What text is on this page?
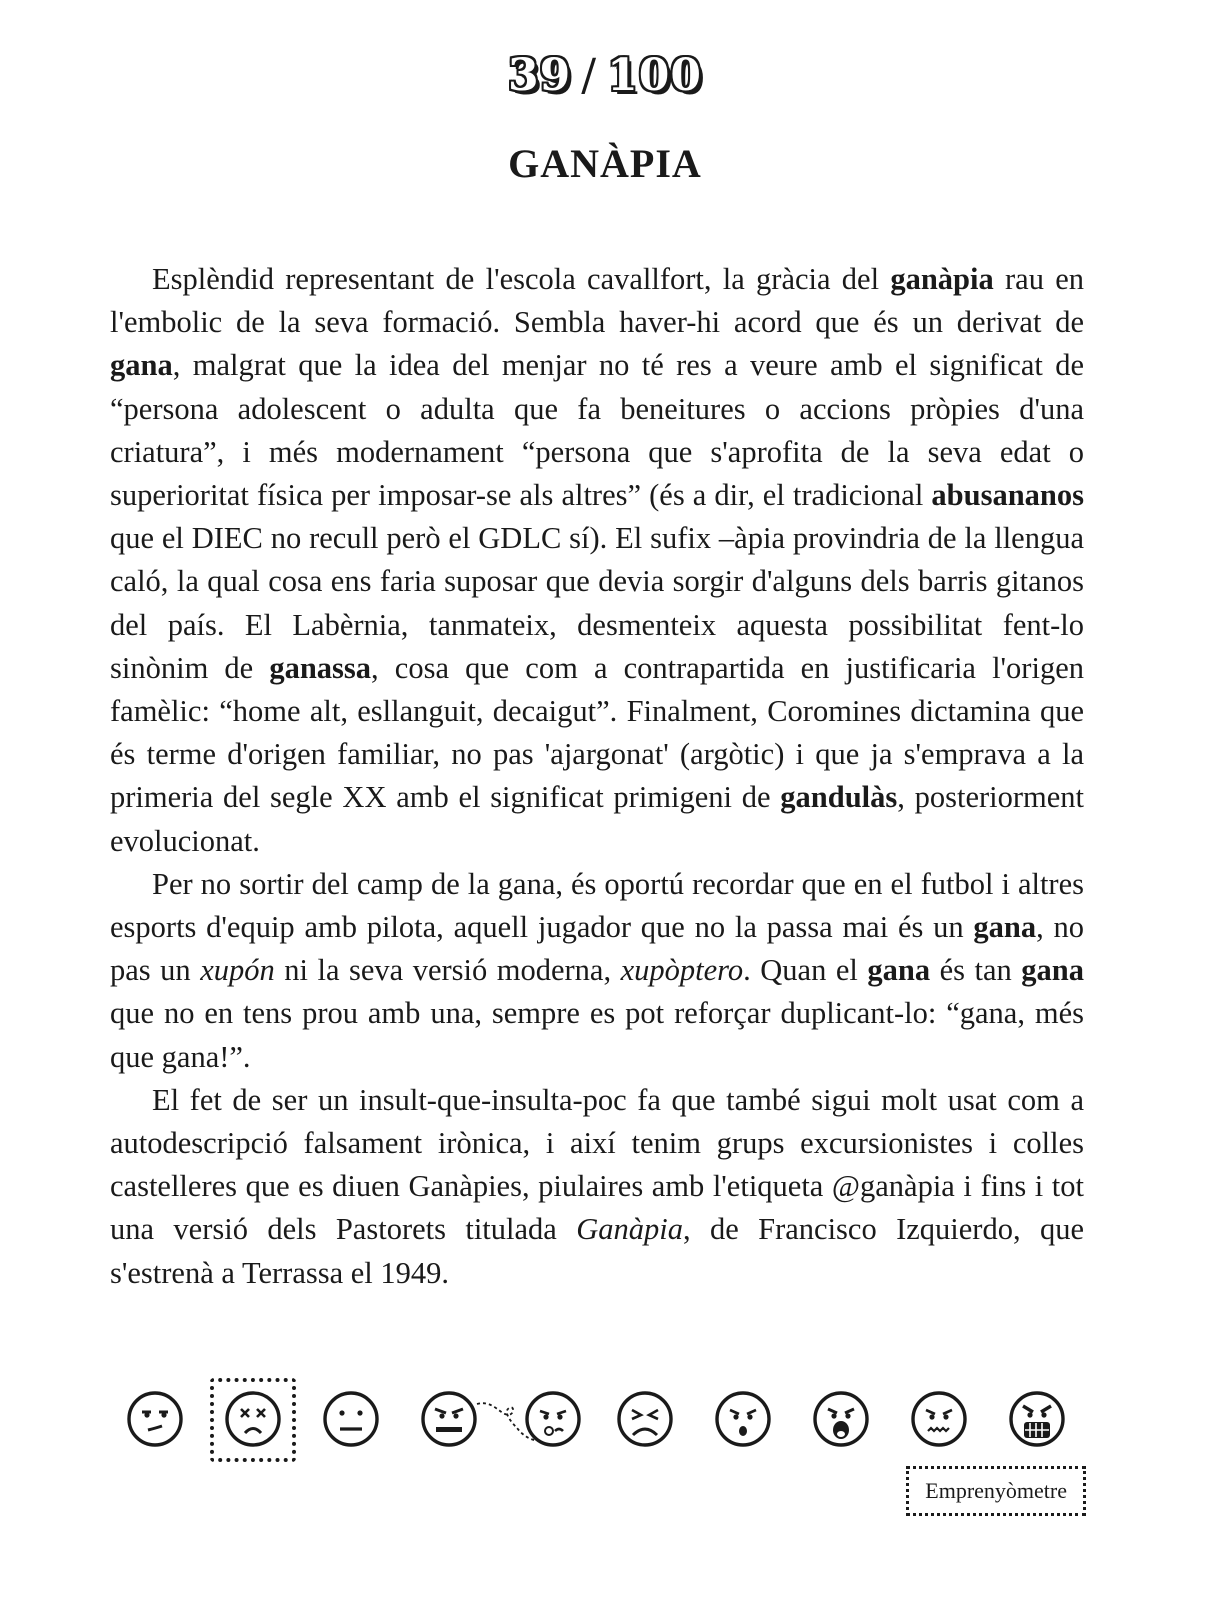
39 / 100
GANÀPIA

Esplèndid representant de l'escola cavallfort, la gràcia del ganàpia rau en l'embolic de la seva formació. Sembla haver-hi acord que és un derivat de gana, malgrat que la idea del menjar no té res a veure amb el significat de “persona adolescent o adulta que fa beneitures o accions pròpies d'una criatura”, i més modernament “persona que s'aprofita de la seva edat o superioritat física per imposar-se als altres” (és a dir, el tradicional abusananos que el DIEC no recull però el GDLC sí). El sufix –àpia provindria de la llengua caló, la qual cosa ens faria suposar que devia sorgir d'alguns dels barris gitanos del país. El Labèrnia, tanmateix, desmenteix aquesta possibilitat fent-lo sinònim de ganassa, cosa que com a contrapartida en justificaria l'origen famèlic: “home alt, esllanguit, decaigut”. Finalment, Coromines dictamina que és terme d'origen familiar, no pas 'ajargonat' (argòtic) i que ja s'emprava a la primeria del segle XX amb el significat primigeni de gandulàs, posteriorment evolucionat.

Per no sortir del camp de la gana, és oportú recordar que en el futbol i altres esports d'equip amb pilota, aquell jugador que no la passa mai és un gana, no pas un xupón ni la seva versió moderna, xupòptero. Quan el gana és tan gana que no en tens prou amb una, sempre es pot reforçar duplicant-lo: “gana, més que gana!”.

El fet de ser un insult-que-insulta-poc fa que també sigui molt usat com a autodescripció falsament irònica, i així tenim grups excursionistes i colles castelleres que es diuen Ganàpies, piulaires amb l'etiqueta @ganàpia i fins i tot una versió dels Pastorets titulada Ganàpia, de Francisco Izquierdo, que s'estrenà a Terrassa el 1949.

Emprenyòmetre
